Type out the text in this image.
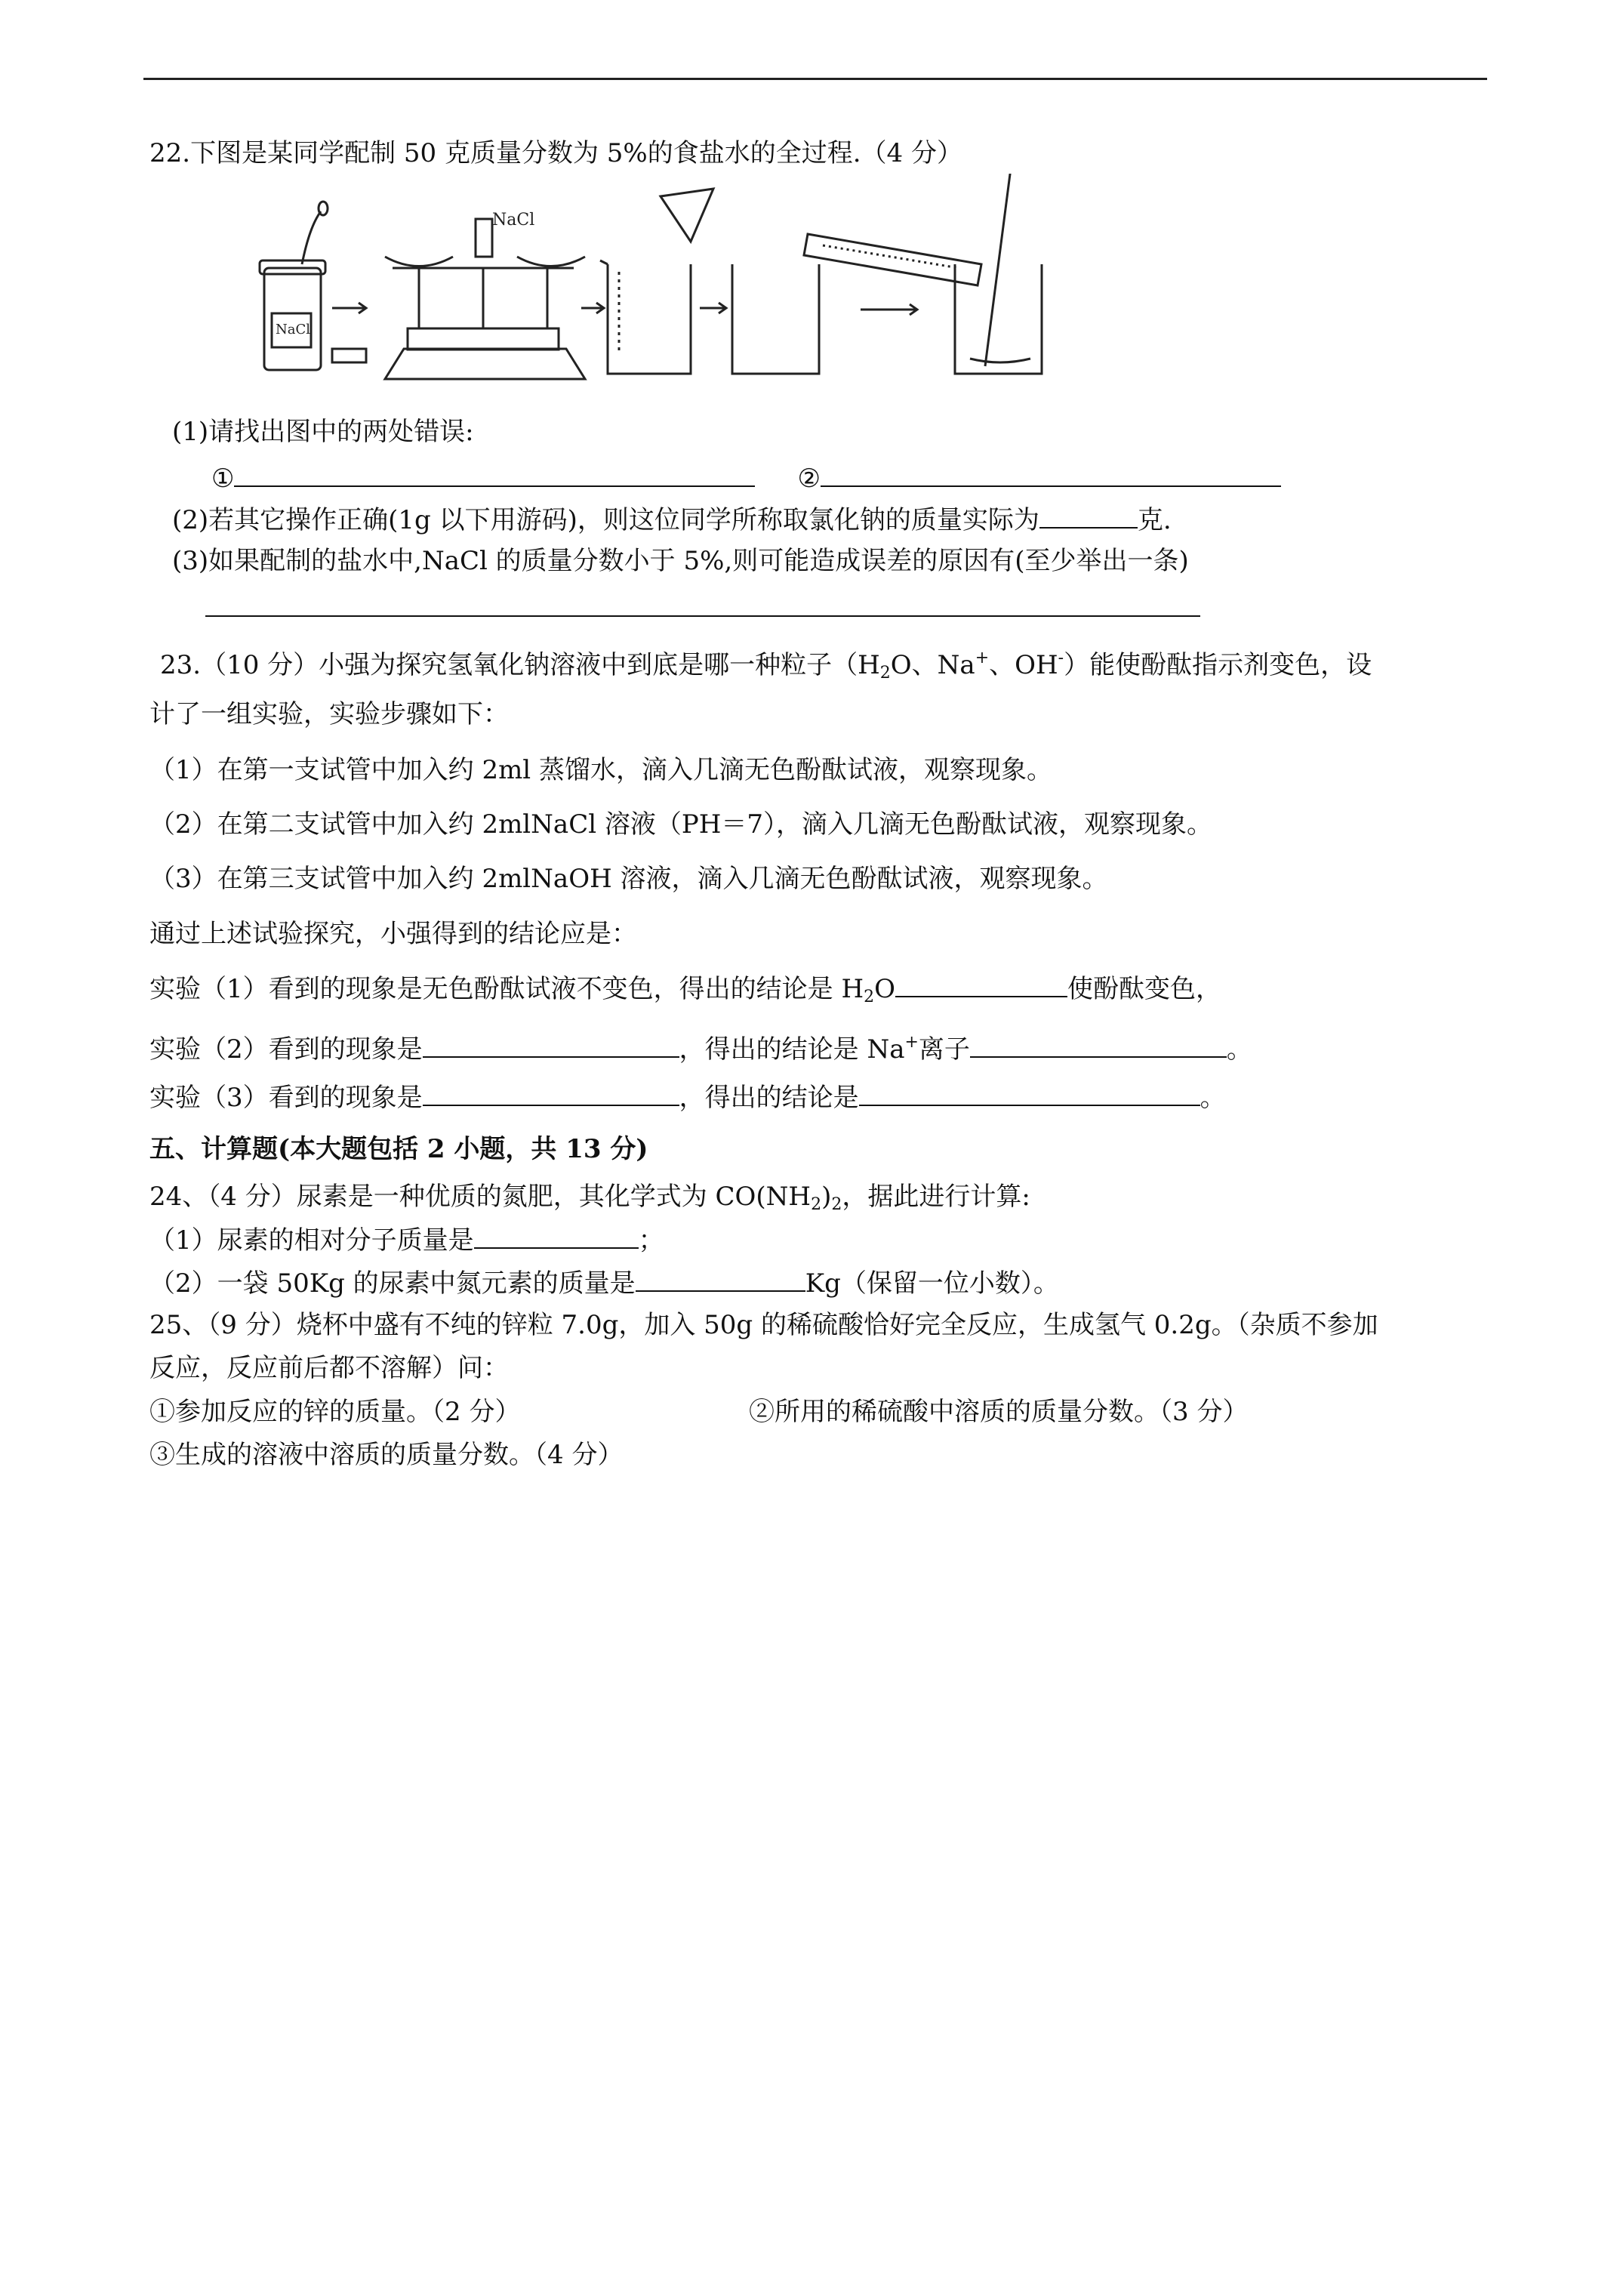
22.下图是某同学配制 50 克质量分数为 5%的食盐水的全过程.（4 分）
NaCl
NaCl
(1)请找出图中的两处错误:
①	②
(2)若其它操作正确(1g 以下用游码)，则这位同学所称取氯化钠的质量实际为	克.
(3)如果配制的盐水中,NaCl 的质量分数小于 5%,则可能造成误差的原因有(至少举出一条)
23.（10 分）小强为探究氢氧化钠溶液中到底是哪一种粒子（$H_2O$、Na+、OH-）能使酚酞指示剂变色，设
计了一组实验，实验步骤如下：
（1）在第一支试管中加入约 2ml 蒸馏水，滴入几滴无色酚酞试液，观察现象。
（2）在第二支试管中加入约 2mlNaCl 溶液（PH＝7），滴入几滴无色酚酞试液，观察现象。
（3）在第三支试管中加入约 2mlNaOH 溶液，滴入几滴无色酚酞试液，观察现象。
通过上述试验探究，小强得到的结论应是：
实验（1）看到的现象是无色酚酞试液不变色，得出的结论是 $H_2O$	使酚酞变色，
实验（2）看到的现象是	，得出的结论是 Na+离子	。
实验（3）看到的现象是	，得出的结论是	。
五、计算题(本大题包括 2 小题，共 13 分)
24、（4 分）尿素是一种优质的氮肥，其化学式为 $CO(NH_2)_2$，据此进行计算:
（1）尿素的相对分子质量是	；
（2）一袋 50Kg 的尿素中氮元素的质量是	Kg（保留一位小数）。
25、（9 分）烧杯中盛有不纯的锌粒 7.0g，加入 50g 的稀硫酸恰好完全反应，生成氢气 0.2g。（杂质不参加
反应，反应前后都不溶解）问：
①参加反应的锌的质量。（2 分）	②所用的稀硫酸中溶质的质量分数。（3 分）
③生成的溶液中溶质的质量分数。（4 分）
